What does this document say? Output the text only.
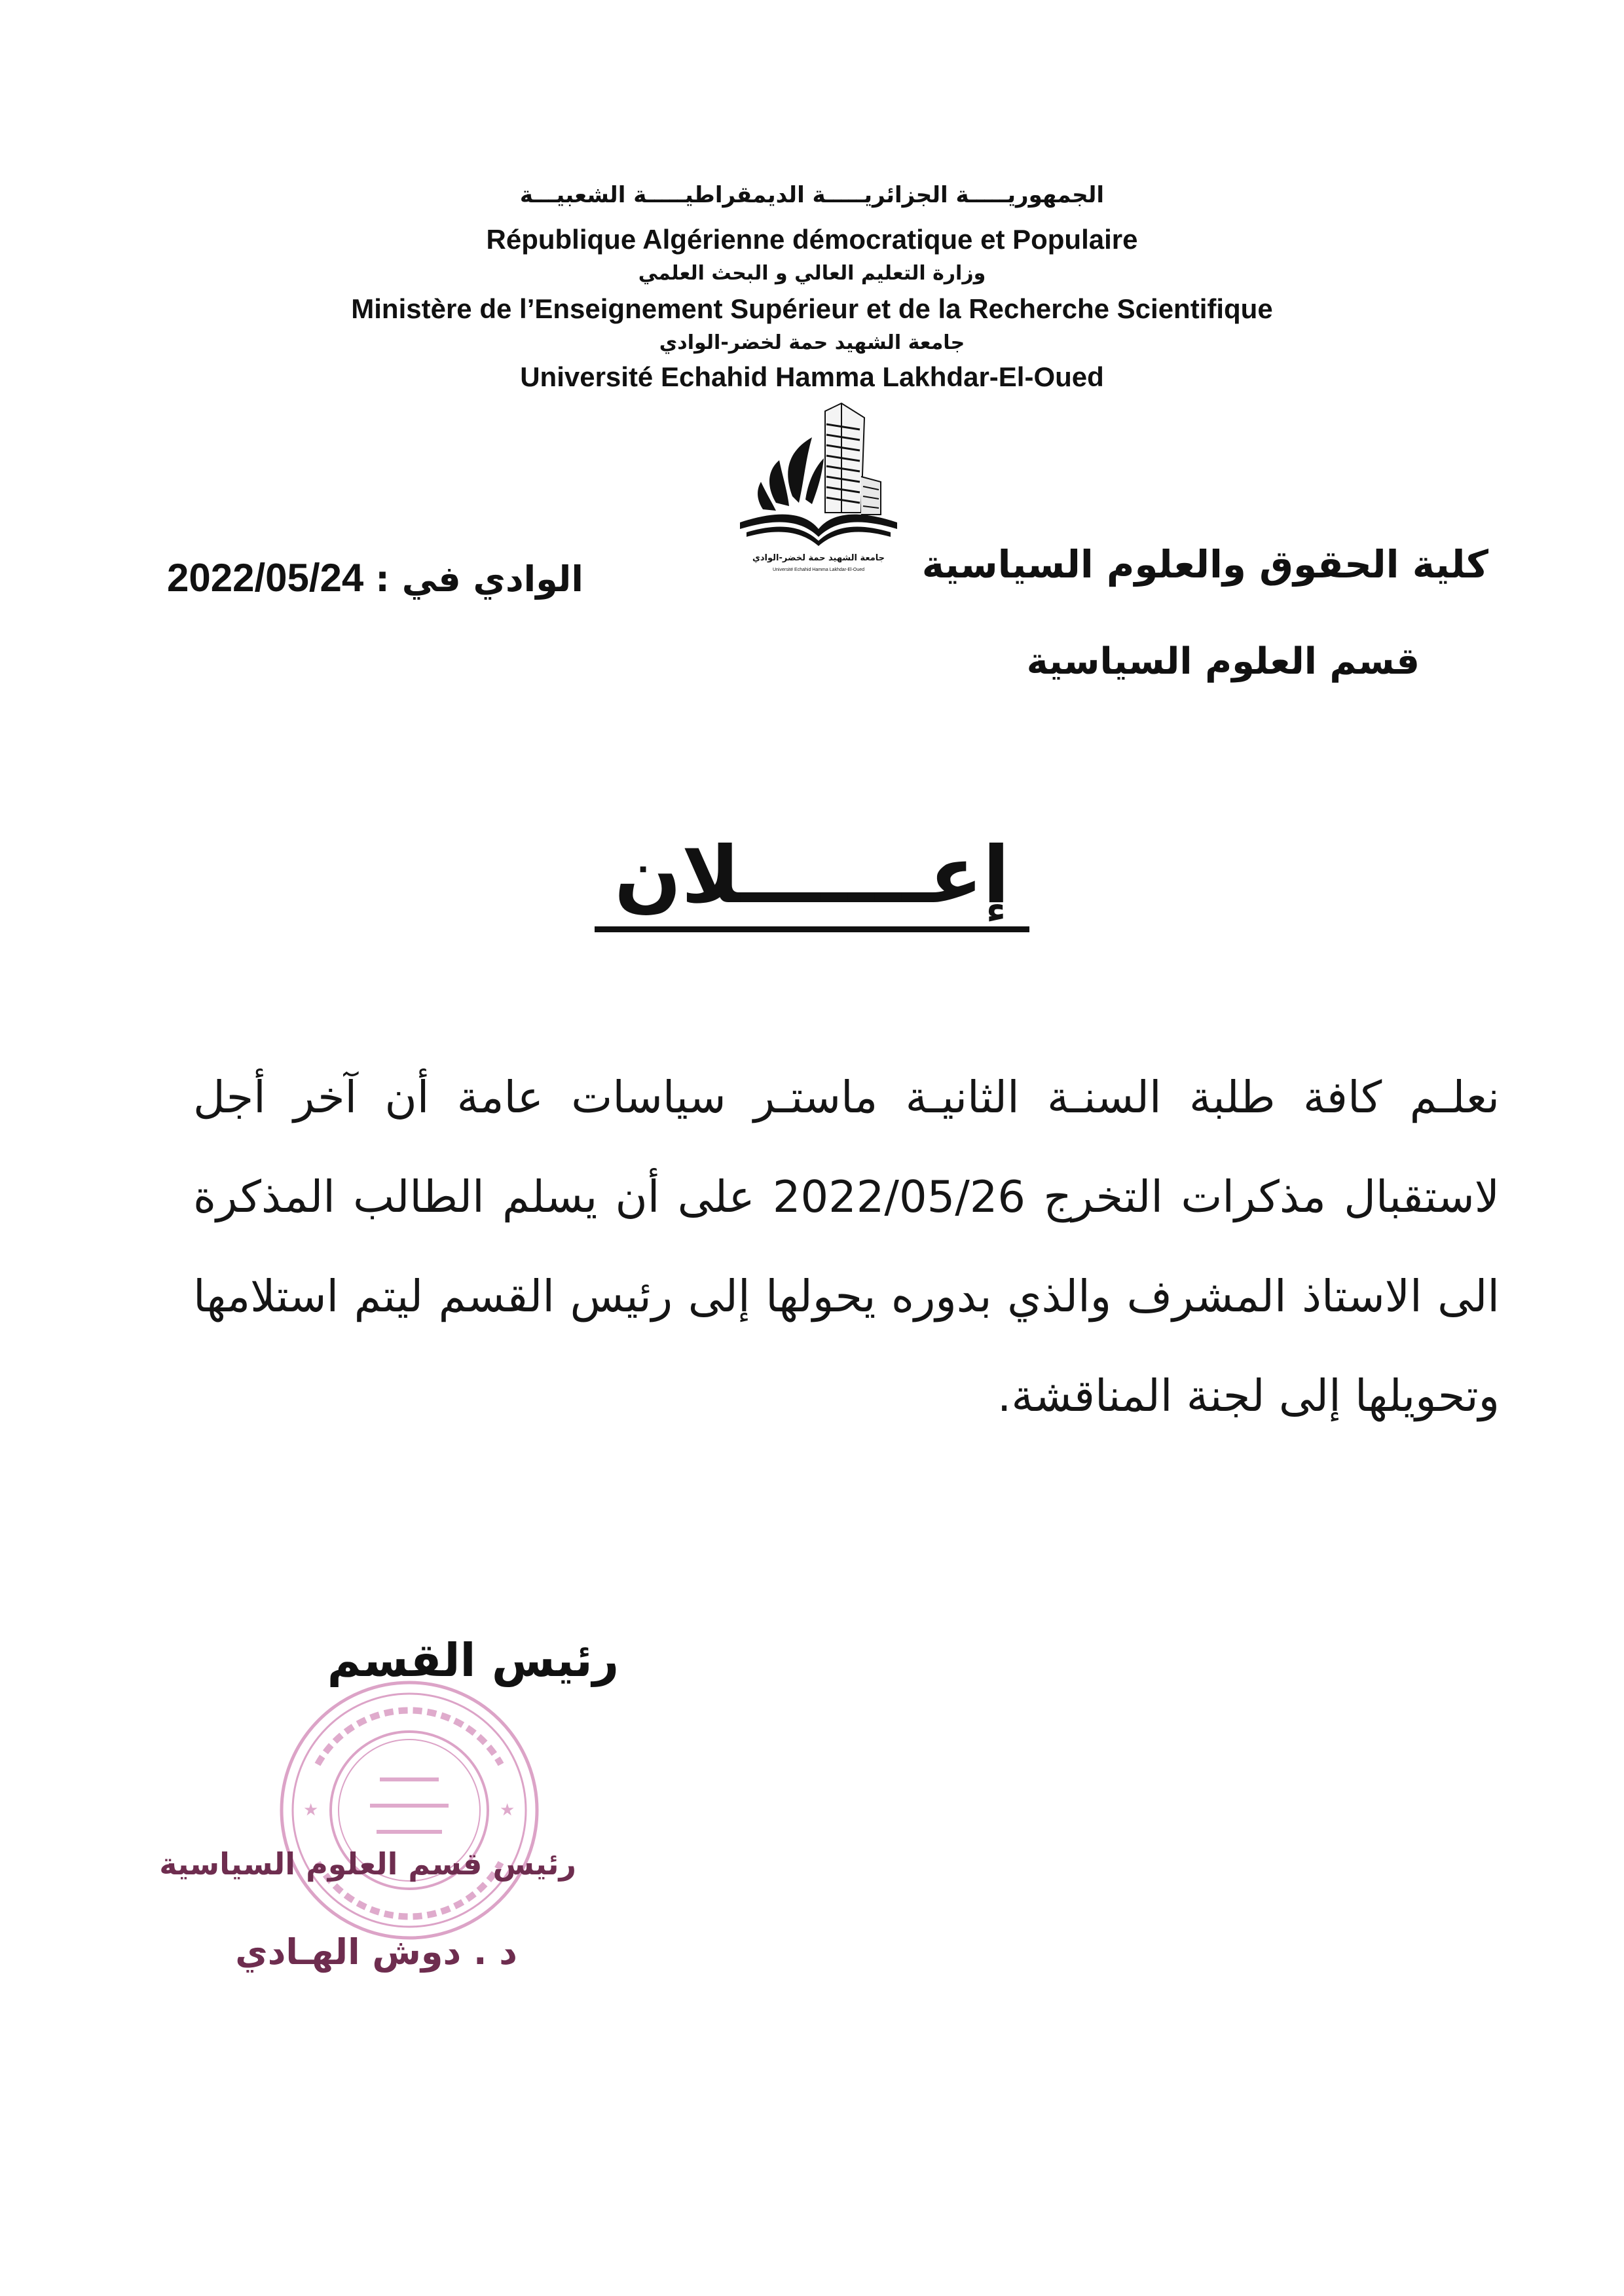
الجمهوريـــــة الجزائريـــــة الديمقراطيـــــة الشعبيـــة
République Algérienne démocratique et Populaire
وزارة التعليم العالي و البحث العلمي
Ministère de l’Enseignement Supérieur et de la Recherche Scientifique
جامعة الشهيد حمة لخضر-الوادي
Université Echahid Hamma Lakhdar-El-Oued
جامعة الشهيد حمة لخضر-الوادي
Université Echahid Hamma Lakhdar-El-Oued كلية الحقوق والعلوم السياسية
قسم العلوم السياسية
2022/05/24 الوادي في :
إعـــــــلان

نعلـم كافة طلبة السنـة الثانيـة ماستـر سياسات عامة أن آخر أجل لاستقبال مذكرات التخرج 2022/05/26 على أن يسلم الطالب المذكرة الى الاستاذ المشرف والذي بدوره يحولها إلى رئيس القسم ليتم استلامها وتحويلها إلى لجنة المناقشة.

★	★
رئيس القسم
رئيس قسم العلوم السياسية
د . دوش الهـادي
